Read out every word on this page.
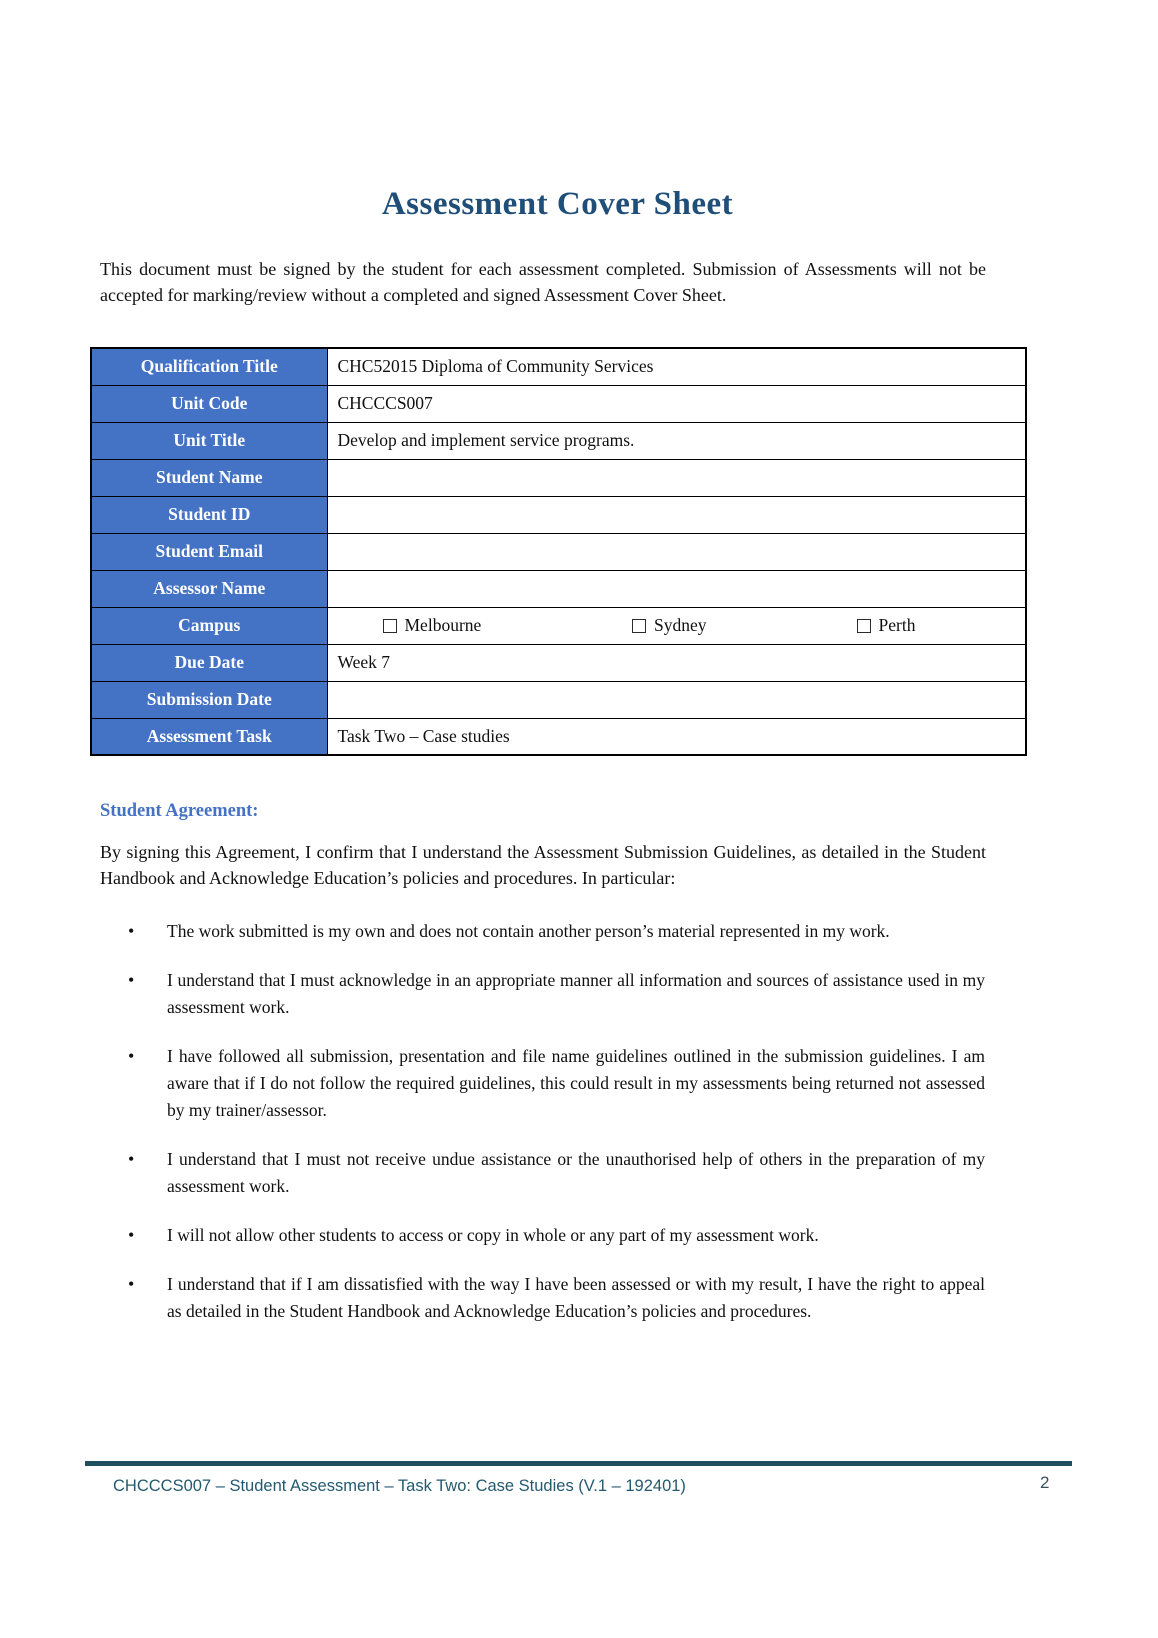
Assessment Cover Sheet

This document must be signed by the student for each assessment completed. Submission of Assessments will not be accepted for marking/review without a completed and signed Assessment Cover Sheet.

Qualification Title	CHC52015 Diploma of Community Services
Unit Code	CHCCCS007
Unit Title	Develop and implement service programs.
Student Name	
Student ID	
Student Email	
Assessor Name	
Campus	Melbourne Sydney Perth

Due Date	Week 7
Submission Date	
Assessment Task	Task Two – Case studies
Student Agreement:

By signing this Agreement, I confirm that I understand the Assessment Submission Guidelines, as detailed in the Student Handbook and Acknowledge Education’s policies and procedures. In particular:

• The work submitted is my own and does not contain another person’s material represented in my work.
• I understand that I must acknowledge in an appropriate manner all information and sources of assistance used in my assessment work.
• I have followed all submission, presentation and file name guidelines outlined in the submission guidelines. I am aware that if I do not follow the required guidelines, this could result in my assessments being returned not assessed by my trainer/assessor.
• I understand that I must not receive undue assistance or the unauthorised help of others in the preparation of my assessment work.
• I will not allow other students to access or copy in whole or any part of my assessment work.
• I understand that if I am dissatisfied with the way I have been assessed or with my result, I have the right to appeal as detailed in the Student Handbook and Acknowledge Education’s policies and procedures.
CHCCCS007 – Student Assessment – Task Two: Case Studies (V.1 – 192401)	2
